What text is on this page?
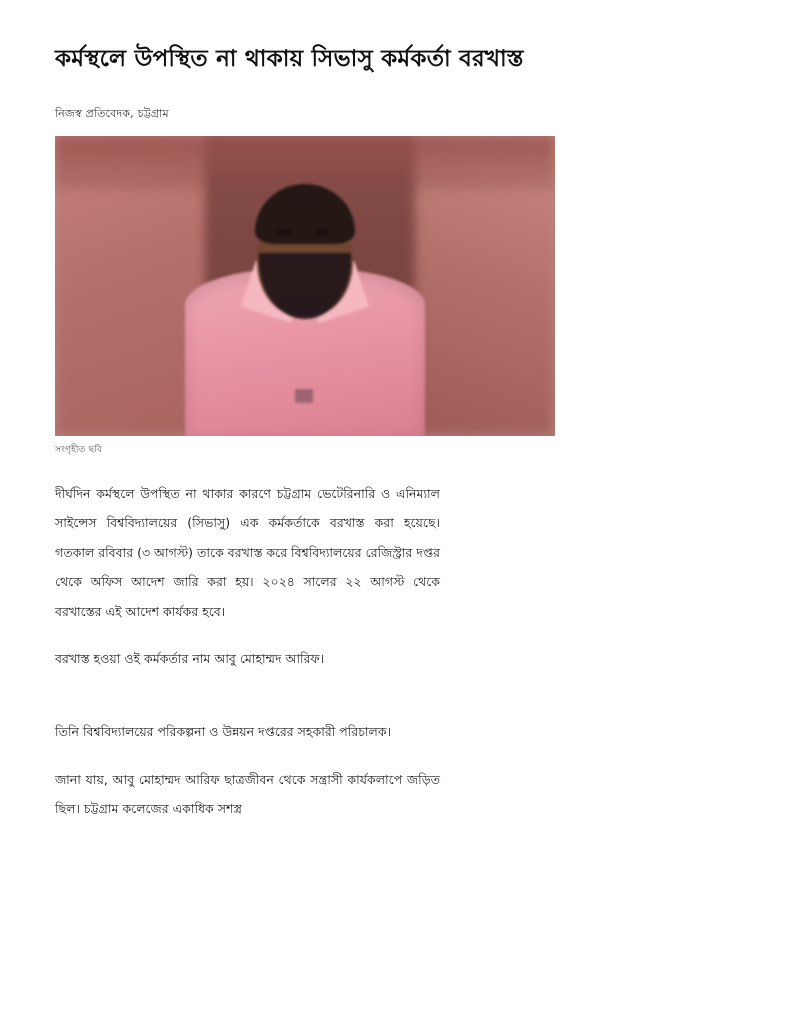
কর্মস্থলে উপস্থিত না থাকায় সিভাসু কর্মকর্তা বরখাস্ত
নিজস্ব প্রতিবেদক, চট্টগ্রাম
সংগৃহীত ছবি

দীর্ঘদিন কর্মস্থলে উপস্থিত না থাকার কারণে চট্টগ্রাম ভেটেরিনারি ও এনিম্যাল সাইন্সেস বিশ্ববিদ্যালয়ের (সিভাসু) এক কর্মকর্তাকে বরখাস্ত করা হয়েছে। গতকাল রবিবার (৩ আগস্ট) তাকে বরখাস্ত করে বিশ্ববিদ্যালয়ের রেজিস্ট্রার দপ্তর থেকে অফিস আদেশ জারি করা হয়। ২০২৪ সালের ২২ আগস্ট থেকে বরখাস্তের এই আদেশ কার্যকর হবে।

বরখাস্ত হওয়া ওই কর্মকর্তার নাম আবু মোহাম্মদ আরিফ।

তিনি বিশ্ববিদ্যালয়ের পরিকল্পনা ও উন্নয়ন দপ্তরের সহকারী পরিচালক।

জানা যায়, আবু মোহাম্মদ আরিফ ছাত্রজীবন থেকে সন্ত্রাসী কার্যকলাপে জড়িত ছিল। চট্টগ্রাম কলেজের একাধিক সশস্ত্র
